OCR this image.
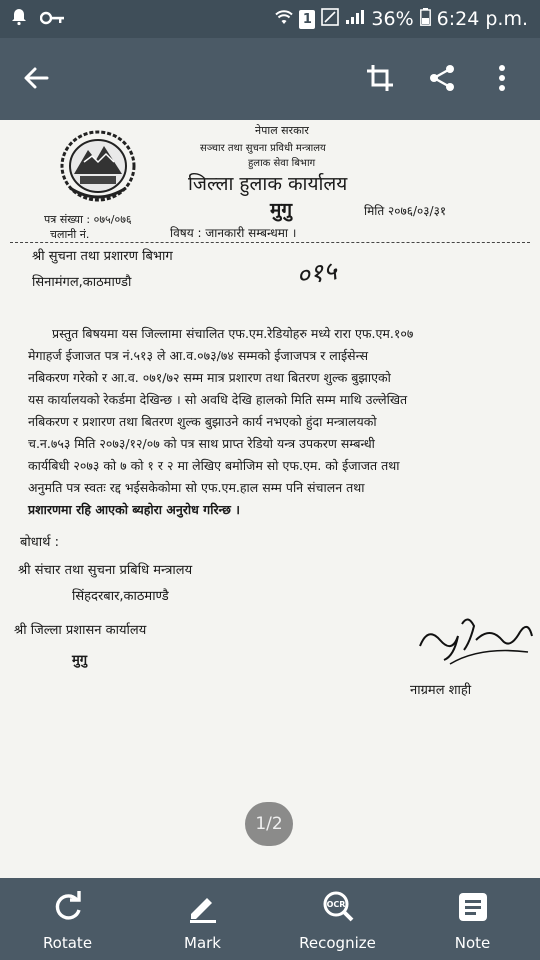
1	36% 6:24 p.m.
नेपाल सरकार
सञ्चार तथा सुचना प्रविधी मन्त्रालय
हुलाक सेवा बिभाग
जिल्ला हुलाक कार्यालय
मुगु
पत्र संख्या : ०७५/०७६
मिति २०७६/०३/३१
चलानी नं.	विषय : जानकारी सम्बन्धमा ।
श्री सुचना तथा प्रशारण बिभाग
सिनामंगल,काठमाण्डौ	०१५
प्रस्तुत बिषयमा यस जिल्लामा संचालित एफ.एम.रेडियोहरु मध्ये रारा एफ.एम.१०७
मेगाहर्ज ईजाजत पत्र नं.५१३ ले आ.व.०७३/७४ सम्मको ईजाजपत्र र लाईसेन्स
नबिकरण गरेको र आ.व. ०७१/७२ सम्म मात्र प्रशारण तथा बितरण शुल्क बुझाएको
यस कार्यालयको रेकर्डमा देखिन्छ । सो अवधि देखि हालको मिति सम्म माथि उल्लेखित
नबिकरण र प्रशारण तथा बितरण शुल्क बुझाउने कार्य नभएको हुंदा मन्त्रालयको
च.न.७५३ मिति २०७३/१२/०७ को पत्र साथ प्राप्त रेडियो यन्त्र उपकरण सम्बन्धी
कार्यबिधी २०७३ को ७ को १ र २ मा लेखिए बमोजिम सो एफ.एम. को ईजाजत तथा
अनुमति पत्र स्वतः रद्द भईसकेकोमा सो एफ.एम.हाल सम्म पनि संचालन तथा
प्रशारणमा रहि आएको ब्यहोरा अनुरोध गरिन्छ ।
बोधार्थ :
श्री संचार तथा सुचना प्रबिधि मन्त्रालय
सिंहदरबार,काठमाण्डै
श्री जिल्ला प्रशासन कार्यालय
मुगु
नाग्रमल शाही
1/2
Rotate	Mark
OCR
Recognize	Note
